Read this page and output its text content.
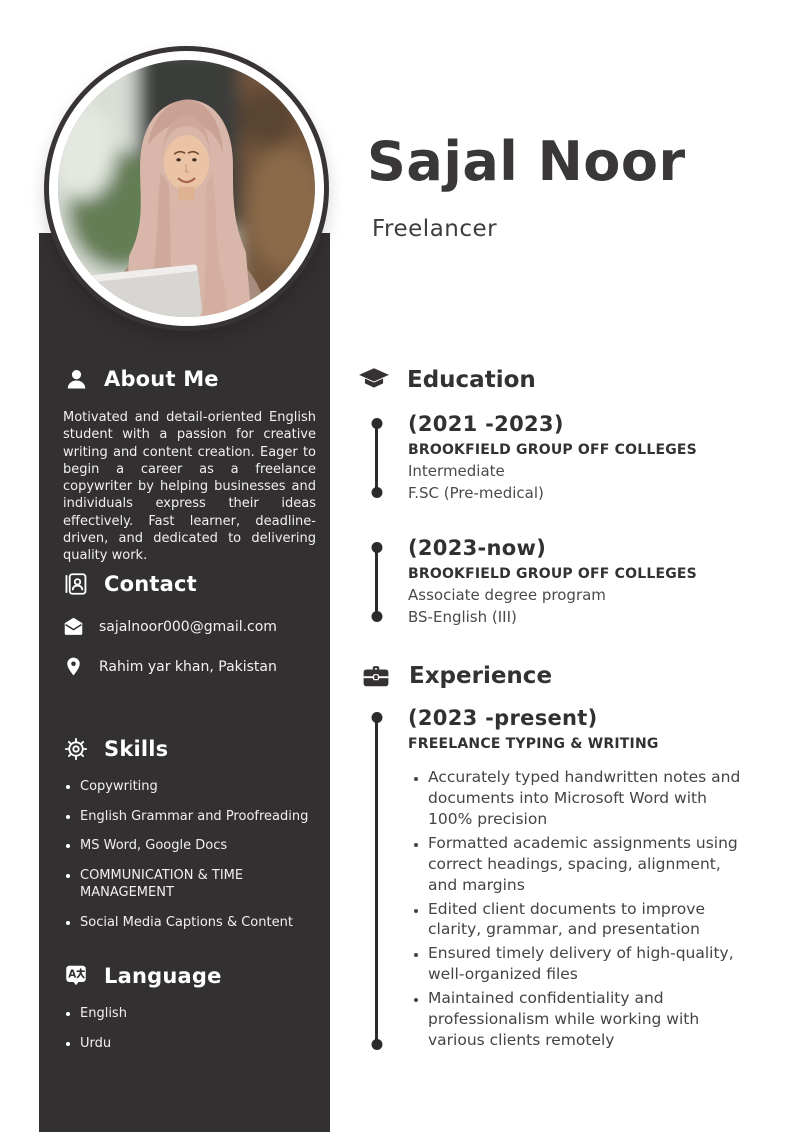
About Me

Motivated and detail-oriented English student with a passion for creative writing and content creation. Eager to begin a career as a freelance copywriter by helping businesses and individuals express their ideas effectively. Fast learner, deadline-driven, and dedicated to delivering quality work.

Contact
sajalnoor000@gmail.com
Rahim yar khan, Pakistan
Skills
• Copywriting
• English Grammar and Proofreading
• MS Word, Google Docs
• COMMUNICATION & TIME MANAGEMENT
• Social Media Captions & Content
A Language
• English
• Urdu
Sajal Noor
Freelancer
Education
(2021 -2023)
BROOKFIELD GROUP OFF COLLEGES
Intermediate
F.SC (Pre-medical)
(2023-now)
BROOKFIELD GROUP OFF COLLEGES
Associate degree program
BS-English (III)
Experience
(2023 -present)
FREELANCE TYPING & WRITING
• Accurately typed handwritten notes and documents into Microsoft Word with 100% precision
• Formatted academic assignments using correct headings, spacing, alignment, and margins
• Edited client documents to improve clarity, grammar, and presentation
• Ensured timely delivery of high-quality, well-organized files
• Maintained confidentiality and professionalism while working with various clients remotely
